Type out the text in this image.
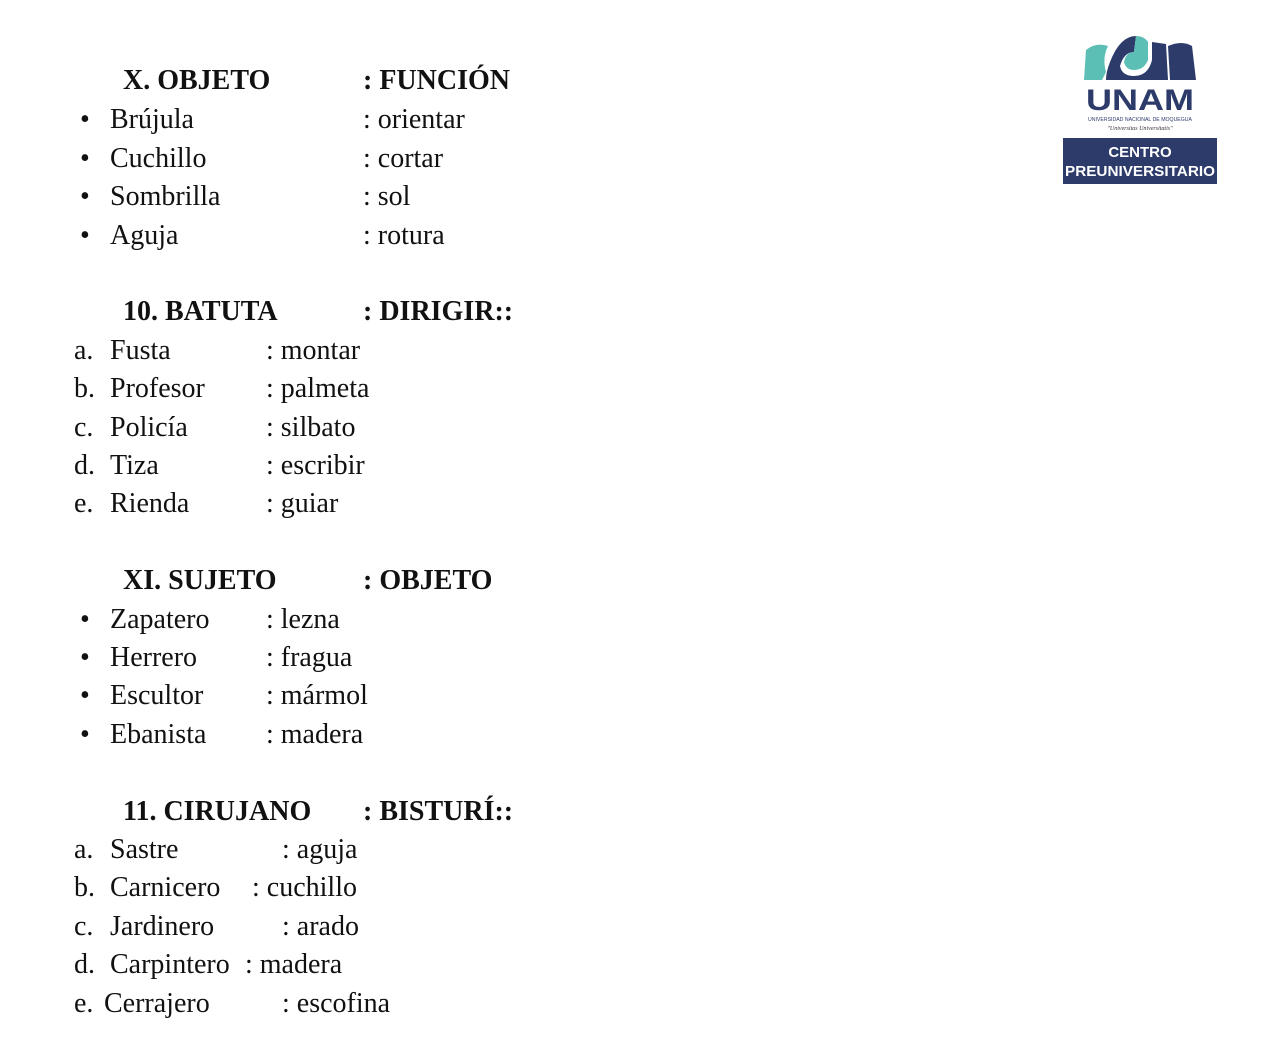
X. OBJETO	: FUNCIÓN
• Brújula	: orientar
• Cuchillo	: cortar
• Sombrilla	: sol
• Aguja	: rotura
10. BATUTA	: DIRIGIR::
a. Fusta	: montar
b. Profesor : palmeta
c. Policía	: silbato
d. Tiza	: escribir
e. Rienda	: guiar
XI. SUJETO	: OBJETO
• Zapatero : lezna
• Herrero : fragua
• Escultor : mármol
• Ebanista : madera
11. CIRUJANO : BISTURÍ::
a. Sastre	: aguja
b. Carnicero : cuchillo
c. Jardinero : arado
d. Carpintero : madera
e. Cerrajero	: escofina
UNAM
UNIVERSIDAD NACIONAL DE MOQUEGUA
"Universitas Universitatis"
CENTRO
PREUNIVERSITARIO
